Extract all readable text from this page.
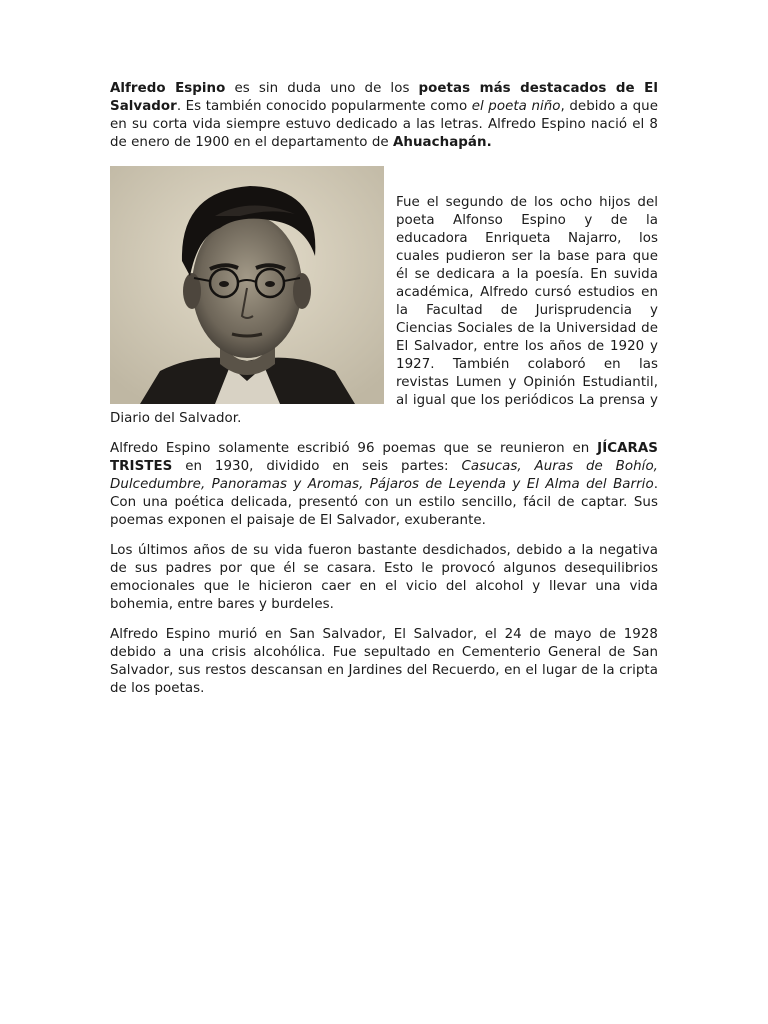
Alfredo Espino es sin duda uno de los poetas más destacados de El Salvador. Es también conocido popularmente como el poeta niño, debido a que en su corta vida siempre estuvo dedicado a las letras. Alfredo Espino nació el 8 de enero de 1900 en el departamento de Ahuachapán.

Fue el segundo de los ocho hijos del poeta Alfonso Espino y de la educadora Enriqueta Najarro, los cuales pudieron ser la base para que él se dedicara a la poesía. En suvida académica, Alfredo cursó estudios en la Facultad de Jurisprudencia y Ciencias Sociales de la Universidad de El Salvador, entre los años de 1920 y 1927. También colaboró en las revistas Lumen y Opinión Estudiantil, al igual que los periódicos La prensa y Diario del Salvador.

Alfredo Espino solamente escribió 96 poemas que se reunieron en JÍCARAS TRISTES en 1930, dividido en seis partes: Casucas, Auras de Bohío, Dulcedumbre, Panoramas y Aromas, Pájaros de Leyenda y El Alma del Barrio. Con una poética delicada, presentó con un estilo sencillo, fácil de captar. Sus poemas exponen el paisaje de El Salvador, exuberante.

Los últimos años de su vida fueron bastante desdichados, debido a la negativa de sus padres por que él se casara. Esto le provocó algunos desequilibrios emocionales que le hicieron caer en el vicio del alcohol y llevar una vida bohemia, entre bares y burdeles.

Alfredo Espino murió en San Salvador, El Salvador, el 24 de mayo de 1928 debido a una crisis alcohólica. Fue sepultado en Cementerio General de San Salvador, sus restos descansan en Jardines del Recuerdo, en el lugar de la cripta de los poetas.
